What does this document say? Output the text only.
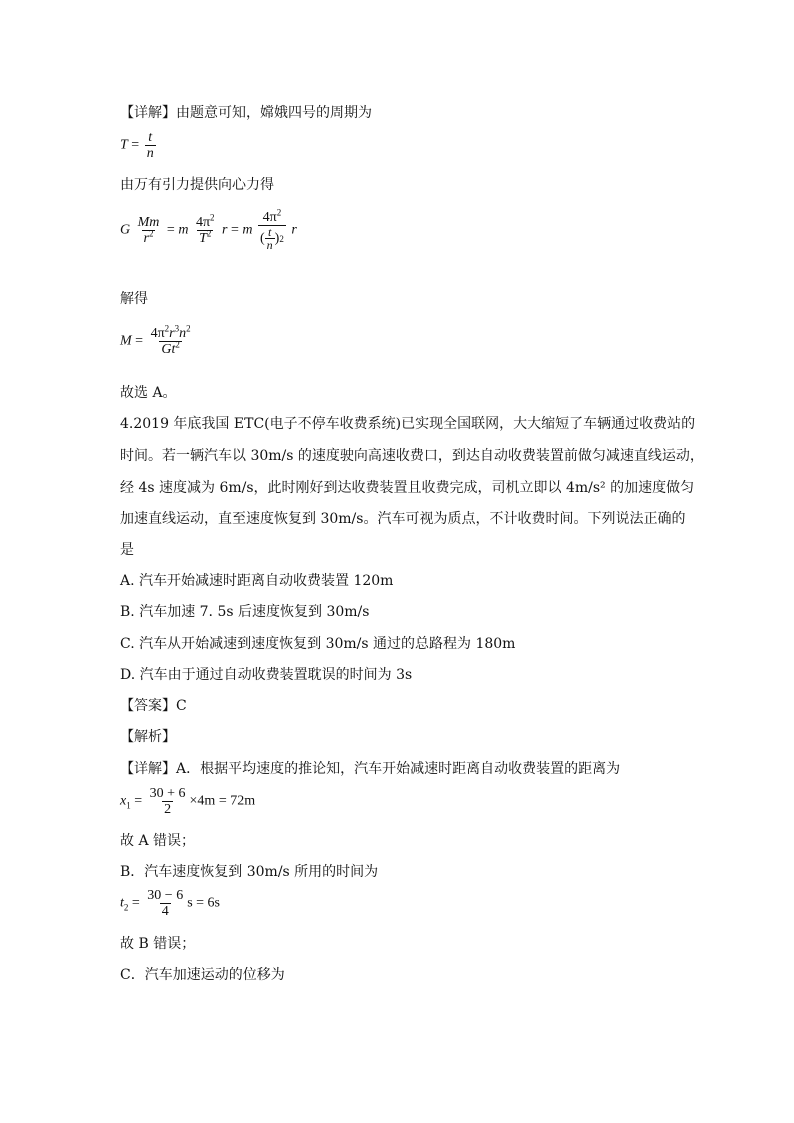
【详解】由题意可知，嫦娥四号的周期为
$T = \frac{t}{n}$
由万有引力提供向心力得
G $\frac{Mm}{r^2} = m \frac{4\pi^2}{T^2}$ r = m $\frac{4\pi^2}{( \frac{t}{n} ) 2}$ r
解得
$M = \frac{4\pi^2r^3n^2}{Gt^2}$
故选 A。
4.2019 年底我国 ETC(电子不停车收费系统)已实现全国联网，大大缩短了车辆通过收费站的
时间。若一辆汽车以 30m/s 的速度驶向高速收费口，到达自动收费装置前做匀减速直线运动，
经 4s 速度减为 6m/s，此时刚好到达收费装置且收费完成，司机立即以 4m/s² 的加速度做匀
加速直线运动，直至速度恢复到 30m/s。汽车可视为质点，不计收费时间。下列说法正确的
是
A. 汽车开始减速时距离自动收费装置 120m
B. 汽车加速 7. 5s 后速度恢复到 30m/s
C. 汽车从开始减速到速度恢复到 30m/s 通过的总路程为 180m
D. 汽车由于通过自动收费装置耽误的时间为 3s
【答案】C
【解析】
【详解】A．根据平均速度的推论知，汽车开始减速时距离自动收费装置的距离为
$x_1 = \frac{30 + 6}{2} \times 4m = 72m$
故 A 错误；
B．汽车速度恢复到 30m/s 所用的时间为
$t_2 = \frac{30 - 6}{4}$ s = 6s
故 B 错误；
C．汽车加速运动的位移为
